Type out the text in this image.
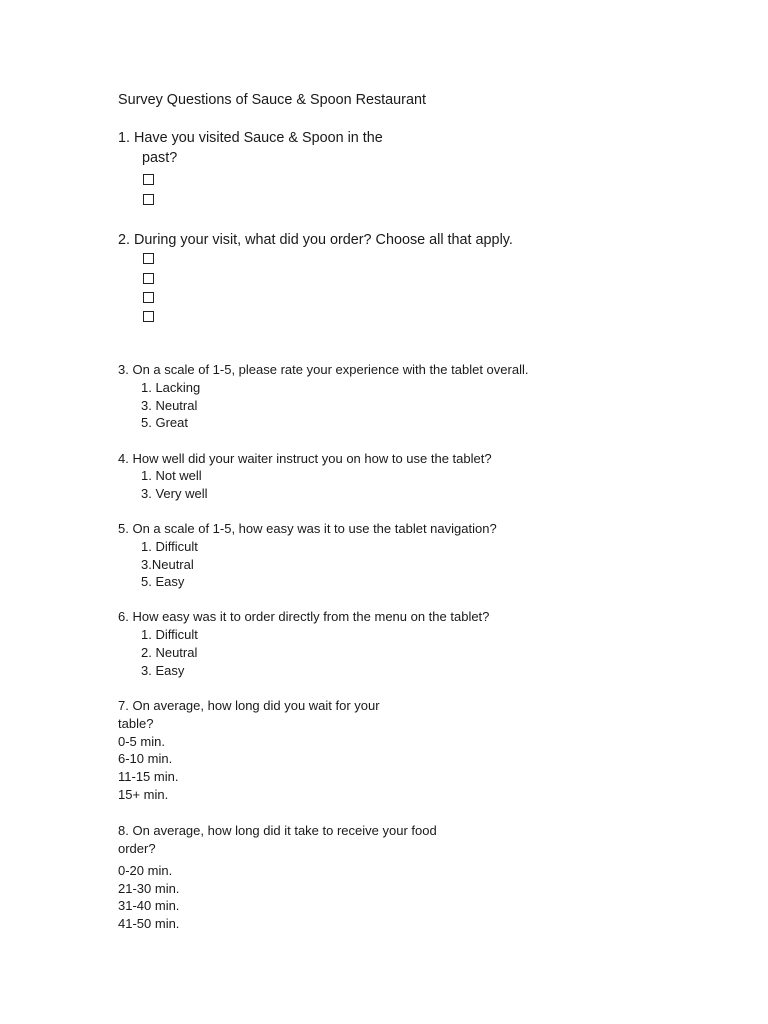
Survey Questions of Sauce & Spoon Restaurant
1. Have you visited Sauce & Spoon in the
past?
2. During your visit, what did you order? Choose all that apply.
3. On a scale of 1-5, please rate your experience with the tablet overall.
1. Lacking
3. Neutral
5. Great
4. How well did your waiter instruct you on how to use the tablet?
1. Not well
3. Very well
5. On a scale of 1-5, how easy was it to use the tablet navigation?
1. Difficult
3.Neutral
5. Easy
6. How easy was it to order directly from the menu on the tablet?
1. Difficult
2. Neutral
3. Easy
7. On average, how long did you wait for your
table?
0-5 min.
6-10 min.
11-15 min.
15+ min.
8. On average, how long did it take to receive your food
order?
0-20 min.
21-30 min.
31-40 min.
41-50 min.
